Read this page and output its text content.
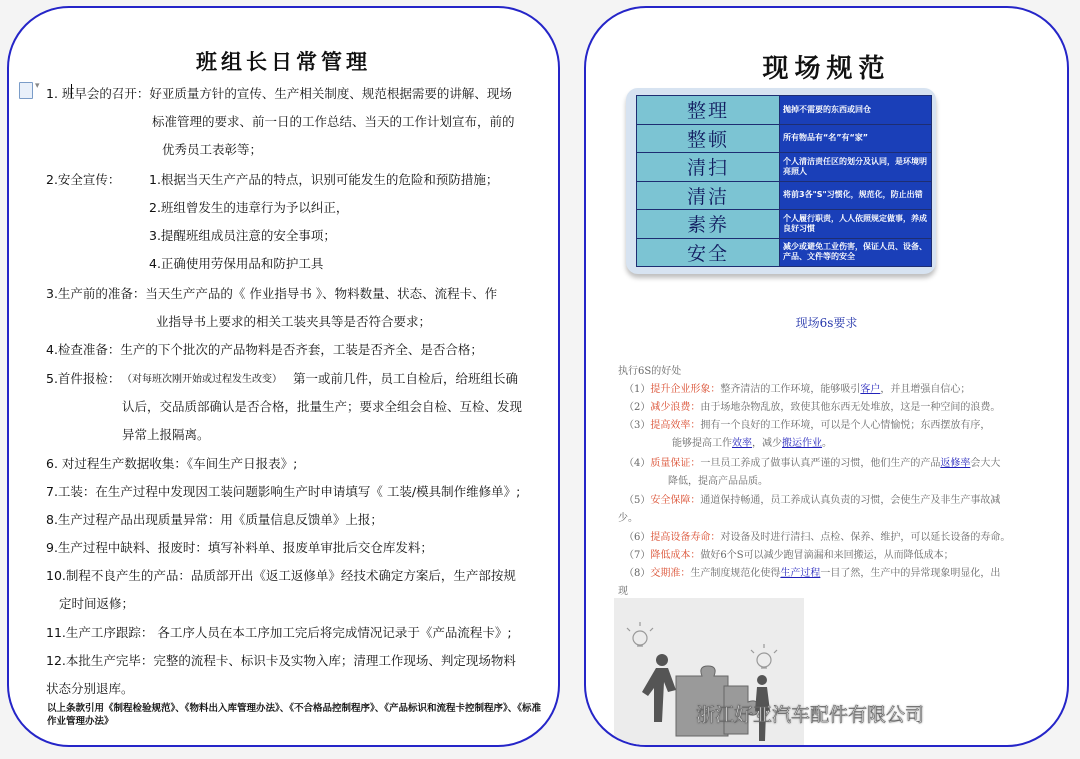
班组长日常管理
▾
1. 班早会的召开：好亚质量方针的宣传、生产相关制度、规范根据需要的讲解、现场
标准管理的要求、前一日的工作总结、当天的工作计划宣布，前的
优秀员工表彰等；
2.安全宣传： 1.根据当天生产产品的特点，识别可能发生的危险和预防措施；
2.班组曾发生的违章行为予以纠正，
3.提醒班组成员注意的安全事项；
4.正确使用劳保用品和防护工具
3.生产前的准备：当天生产产品的《 作业指导书 》、物料数量、状态、流程卡、作
业指导书上要求的相关工装夹具等是否符合要求；
4.检查准备：生产的下个批次的产品物料是否齐套，工装是否齐全、是否合格；
5.首件报检： （对每班次刚开始或过程发生改变） 第一或前几件，员工自检后，给班组长确
认后，交品质部确认是否合格，批量生产；要求全组会自检、互检、发现
异常上报隔离。
6. 对过程生产数据收集：《车间生产日报表》;
7.工装：在生产过程中发现因工装问题影响生产时申请填写《 工装/模具制作维修单》;
8.生产过程产品出现质量异常：用《质量信息反馈单》上报；
9.生产过程中缺料、报废时：填写补料单、报废单审批后交仓库发料；
10.制程不良产生的产品：品质部开出《返工返修单》经技术确定方案后，生产部按规
定时间返修；
11.生产工序跟踪： 各工序人员在本工序加工完后将完成情况记录于《产品流程卡》;
12.本批生产完毕：完整的流程卡、标识卡及实物入库；清理工作现场、判定现场物料
状态分别退库。
以上条款引用《制程检验规范》、《物料出入库管理办法》、《不合格品控制程序》、《产品标识和流程卡控制程序》、《标准作业管理办法》
现场规范
整理	抛掉不需要的东西或回仓
整顿	所有物品有“名”有“家”
清扫	个人清洁责任区的划分及认同，是环境明亮照人
清洁	将前3各"S"习惯化，规范化，防止出错
素养	个人履行职责，人人依照规定做事，养成良好习惯
安全	减少或避免工业伤害，保证人员、设备、产品、文件等的安全
现场6s要求
执行6S的好处
（1）提升企业形象：整齐清洁的工作环境，能够吸引客户，并且增强自信心；
（2）减少浪费：由于场地杂物乱放，致使其他东西无处堆放，这是一种空间的浪费。
（3）提高效率：拥有一个良好的工作环境，可以是个人心情愉悦；东西摆放有序，
能够提高工作效率，减少搬运作业。
（4）质量保证：一旦员工养成了做事认真严谨的习惯，他们生产的产品返修率会大大
降低，提高产品品质。
（5）安全保障：通道保持畅通，员工养成认真负责的习惯，会使生产及非生产事故减
少。
（6）提高设备寿命：对设备及时进行清扫、点检、保养、维护，可以延长设备的寿命。
（7）降低成本：做好6个S可以减少跑冒滴漏和来回搬运，从而降低成本；
（8）交期准：生产制度规范化使得生产过程一目了然，生产中的异常现象明显化，出
现
浙江好亚汽车配件有限公司
